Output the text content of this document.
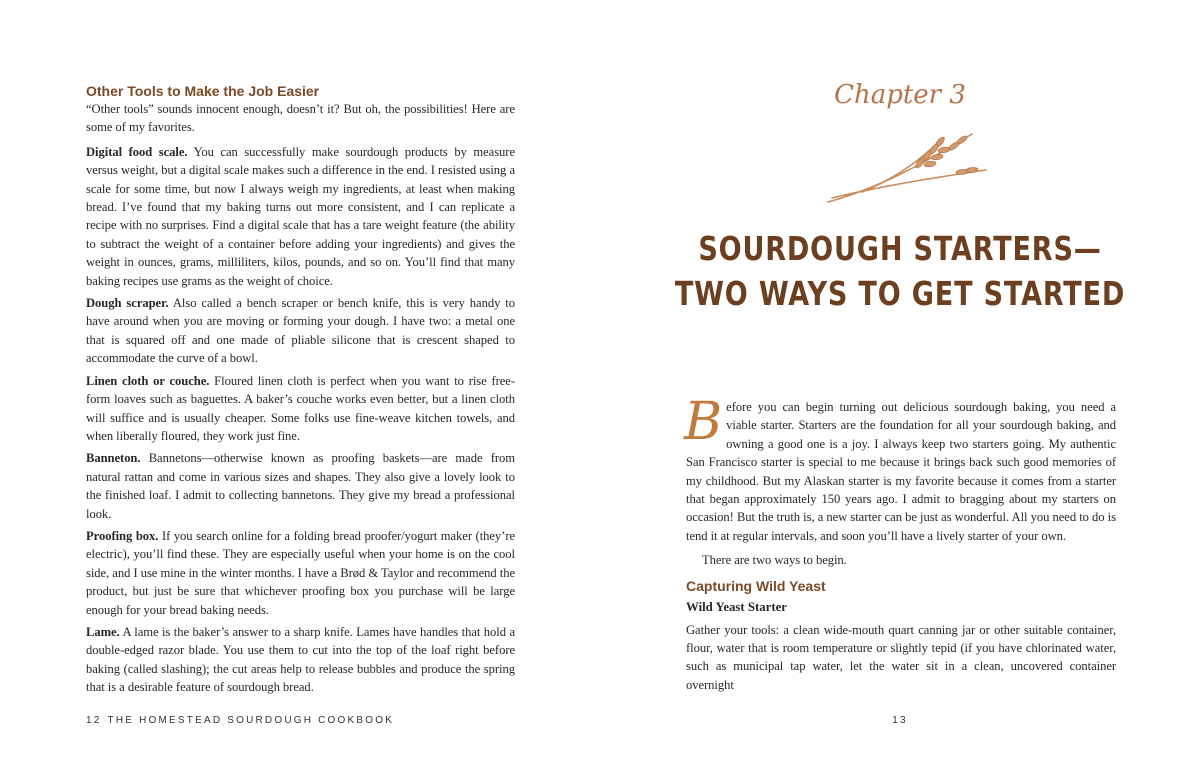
Other Tools to Make the Job Easier

“Other tools” sounds innocent enough, doesn’t it? But oh, the possibilities! Here are some of my favorites.

Digital food scale. You can successfully make sourdough products by measure versus weight, but a digital scale makes such a difference in the end. I resisted using a scale for some time, but now I always weigh my ingredients, at least when making bread. I’ve found that my baking turns out more consistent, and I can replicate a recipe with no surprises. Find a digital scale that has a tare weight feature (the ability to subtract the weight of a container before adding your ingredients) and gives the weight in ounces, grams, milliliters, kilos, pounds, and so on. You’ll find that many baking recipes use grams as the weight of choice.

Dough scraper. Also called a bench scraper or bench knife, this is very handy to have around when you are moving or forming your dough. I have two: a metal one that is squared off and one made of pliable silicone that is crescent shaped to accommodate the curve of a bowl.

Linen cloth or couche. Floured linen cloth is perfect when you want to rise free-form loaves such as baguettes. A baker’s couche works even better, but a linen cloth will suffice and is usually cheaper. Some folks use fine-weave kitchen towels, and when liberally floured, they work just fine.

Banneton. Bannetons—otherwise known as proofing baskets—are made from natural rattan and come in various sizes and shapes. They also give a lovely look to the finished loaf. I admit to collecting bannetons. They give my bread a professional look.

Proofing box. If you search online for a folding bread proofer/yogurt maker (they’re electric), you’ll find these. They are especially useful when your home is on the cool side, and I use mine in the winter months. I have a Brød & Taylor and recommend the product, but just be sure that whichever proofing box you purchase will be large enough for your bread baking needs.

Lame. A lame is the baker’s answer to a sharp knife. Lames have handles that hold a double-edged razor blade. You use them to cut into the top of the loaf right before baking (called slashing); the cut areas help to release bubbles and produce the spring that is a desirable feature of sourdough bread.

12 THE HOMESTEAD SOURDOUGH COOKBOOK
Chapter 3
SOURDOUGH STARTERS—
TWO WAYS TO GET STARTED

Before you can begin turning out delicious sourdough baking, you need a viable starter. Starters are the foundation for all your sourdough baking, and owning a good one is a joy. I always keep two starters going. My authentic San Francisco starter is special to me because it brings back such good memories of my childhood. But my Alaskan starter is my favorite because it comes from a starter that began approximately 150 years ago. I admit to bragging about my starters on occasion! But the truth is, a new starter can be just as wonderful. All you need to do is tend it at regular intervals, and soon you’ll have a lively starter of your own.

There are two ways to begin.

Capturing Wild Yeast
Wild Yeast Starter

Gather your tools: a clean wide-mouth quart canning jar or other suitable container, flour, water that is room temperature or slightly tepid (if you have chlorinated water, such as municipal tap water, let the water sit in a clean, uncovered container overnight

13
